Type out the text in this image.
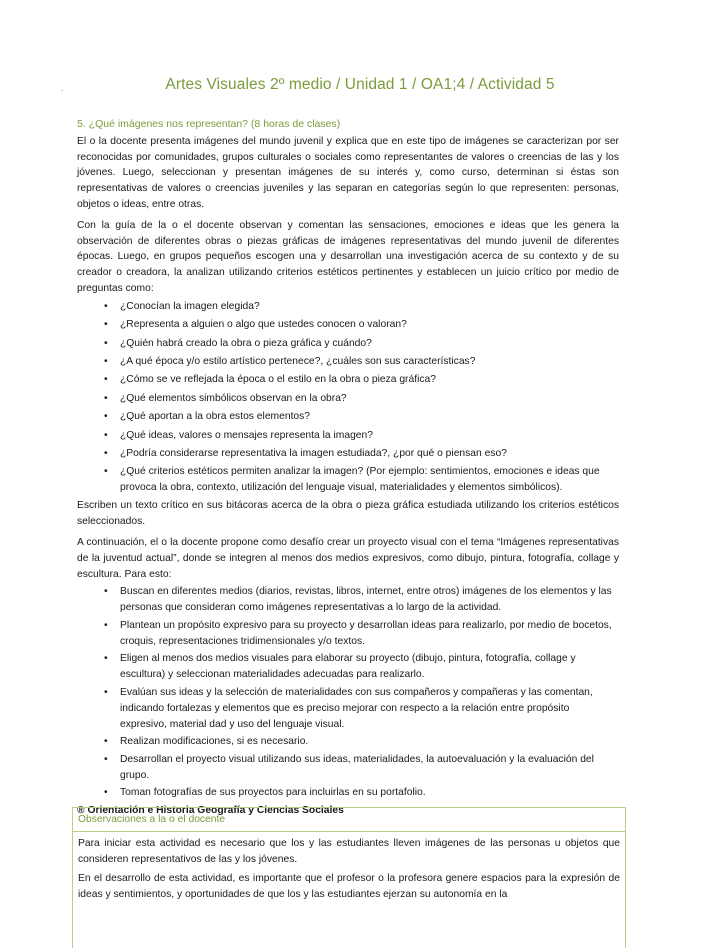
.	Artes Visuales 2º medio / Unidad 1 / OA1;4 / Actividad 5
5. ¿Qué imágenes nos representan? (8 horas de clases)

El o la docente presenta imágenes del mundo juvenil y explica que en este tipo de imágenes se caracterizan por ser reconocidas por comunidades, grupos culturales o sociales como representantes de valores o creencias de las y los jóvenes. Luego, seleccionan y presentan imágenes de su interés y, como curso, determinan si éstas son representativas de valores o creencias juveniles y las separan en categorías según lo que representen: personas, objetos o ideas, entre otras.

Con la guía de la o el docente observan y comentan las sensaciones, emociones e ideas que les genera la observación de diferentes obras o piezas gráficas de imágenes representativas del mundo juvenil de diferentes épocas. Luego, en grupos pequeños escogen una y desarrollan una investigación acerca de su contexto y de su creador o creadora, la analizan utilizando criterios estéticos pertinentes y establecen un juicio crítico por medio de preguntas como:

• ¿Conocían la imagen elegida?
• ¿Representa a alguien o algo que ustedes conocen o valoran?
• ¿Quién habrá creado la obra o pieza gráfica y cuándo?
• ¿A qué época y/o estilo artístico pertenece?, ¿cuáles son sus características?
• ¿Cómo se ve reflejada la época o el estilo en la obra o pieza gráfica?
• ¿Qué elementos simbólicos observan en la obra?
• ¿Qué aportan a la obra estos elementos?
• ¿Qué ideas, valores o mensajes representa la imagen?
• ¿Podría considerarse representativa la imagen estudiada?, ¿por qué o piensan eso?
• ¿Qué criterios estéticos permiten analizar la imagen? (Por ejemplo: sentimientos, emociones e ideas que provoca la obra, contexto, utilización del lenguaje visual, materialidades y elementos simbólicos).

Escriben un texto crítico en sus bitácoras acerca de la obra o pieza gráfica estudiada utilizando los criterios estéticos seleccionados.

A continuación, el o la docente propone como desafío crear un proyecto visual con el tema “Imágenes representativas de la juventud actual”, donde se integren al menos dos medios expresivos, como dibujo, pintura, fotografía, collage y escultura. Para esto:

• Buscan en diferentes medios (diarios, revistas, libros, internet, entre otros) imágenes de los elementos y las personas que consideran como imágenes representativas a lo largo de la actividad.
• Plantean un propósito expresivo para su proyecto y desarrollan ideas para realizarlo, por medio de bocetos, croquis, representaciones tridimensionales y/o textos.
• Eligen al menos dos medios visuales para elaborar su proyecto (dibujo, pintura, fotografía, collage y escultura) y seleccionan materialidades adecuadas para realizarlo.
• Evalúan sus ideas y la selección de materialidades con sus compañeros y compañeras y las comentan, indicando fortalezas y elementos que es preciso mejorar con respecto a la relación entre propósito expresivo, material dad y uso del lenguaje visual.
• Realizan modificaciones, si es necesario.
• Desarrollan el proyecto visual utilizando sus ideas, materialidades, la autoevaluación y la evaluación del grupo.
• Toman fotografías de sus proyectos para incluirlas en su portafolio.
® Orientación e Historia Geografía y Ciencias Sociales
Observaciones a la o el docente

Para iniciar esta actividad es necesario que los y las estudiantes lleven imágenes de las personas u objetos que consideren representativos de las y los jóvenes.

En el desarrollo de esta actividad, es importante que el profesor o la profesora genere espacios para la expresión de ideas y sentimientos, y oportunidades de que los y las estudiantes ejerzan su autonomía en la
